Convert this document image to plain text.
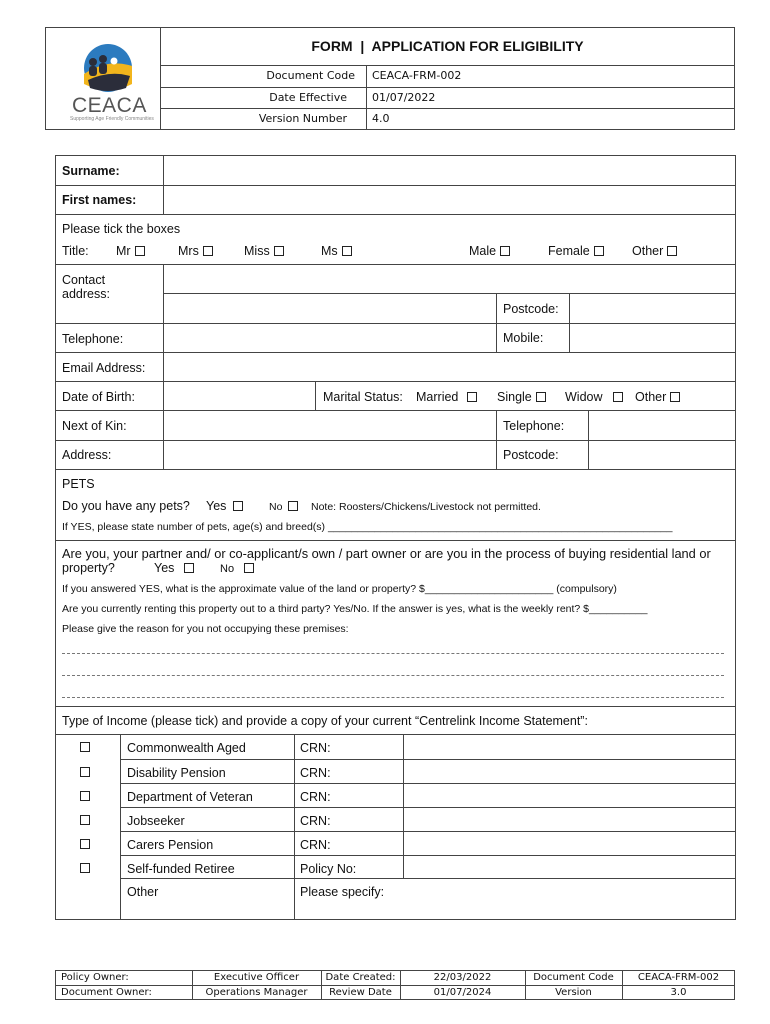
CEACA
Supporting Age Friendly Communities
FORM  |  APPLICATION FOR ELIGIBILITY
Document Code CEACA-FRM-002
Date Effective 01/07/2022
Version Number 4.0
Surname:
First names:
Please tick the boxes
Title: Mr	Mrs	Miss	Ms	Male	Female	Other
Contact address:
Postcode:
Telephone:	Mobile:
Email Address:
Date of Birth:	Marital Status: Married	Single	Widow	Other
Next of Kin:	Telephone:
Address:	Postcode:
PETS
Do you have any pets? Yes	No	Note: Roosters/Chickens/Livestock not permitted.
If YES, please state number of pets, age(s) and breed(s) ___________________________________________________________
Are you, your partner and/ or co-applicant/s own / part owner or are you in the process of buying residential land or
property?	Yes	No
If you answered YES, what is the approximate value of the land or property? $______________________ (compulsory)
Are you currently renting this property out to a third party? Yes/No. If the answer is yes, what is the weekly rent? $__________
Please give the reason for you not occupying these premises:
Type of Income (please tick) and provide a copy of your current “Centrelink Income Statement”:
Commonwealth Aged	CRN:
Disability Pension	CRN:
Department of Veteran	CRN:
Jobseeker	CRN:
Carers Pension	CRN:
Self-funded Retiree	Policy No:
Other	Please specify:
Policy Owner:	Executive Officer	Date Created:	22/03/2022	Document Code	CEACA-FRM-002
Document Owner:	Operations Manager	Review Date	01/07/2024	Version	3.0
